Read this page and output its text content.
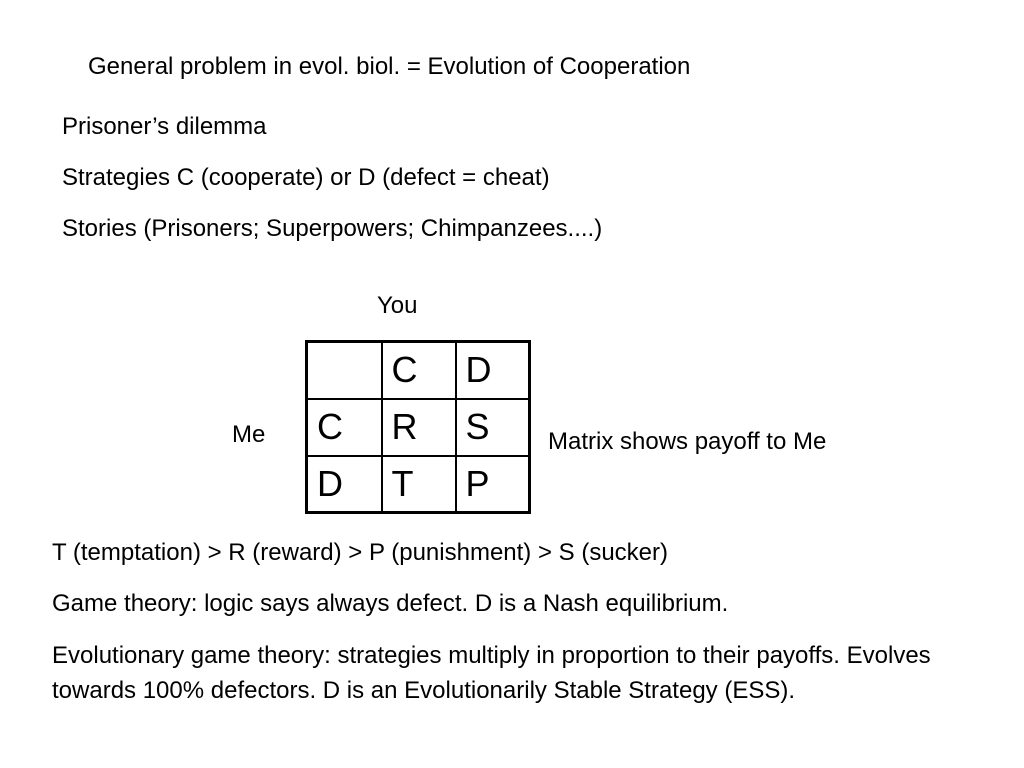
General problem in evol. biol. = Evolution of Cooperation
Prisoner’s dilemma
Strategies C (cooperate) or D (defect = cheat)
Stories (Prisoners; Superpowers; Chimpanzees....)
You
Me
	C	D
C	R	S
D	T	P
Matrix shows payoff to Me
T (temptation) > R (reward) > P (punishment) > S (sucker)
Game theory: logic says always defect. D is a Nash equilibrium.
Evolutionary game theory: strategies multiply in proportion to their payoffs. Evolves towards 100% defectors. D is an Evolutionarily Stable Strategy (ESS).
